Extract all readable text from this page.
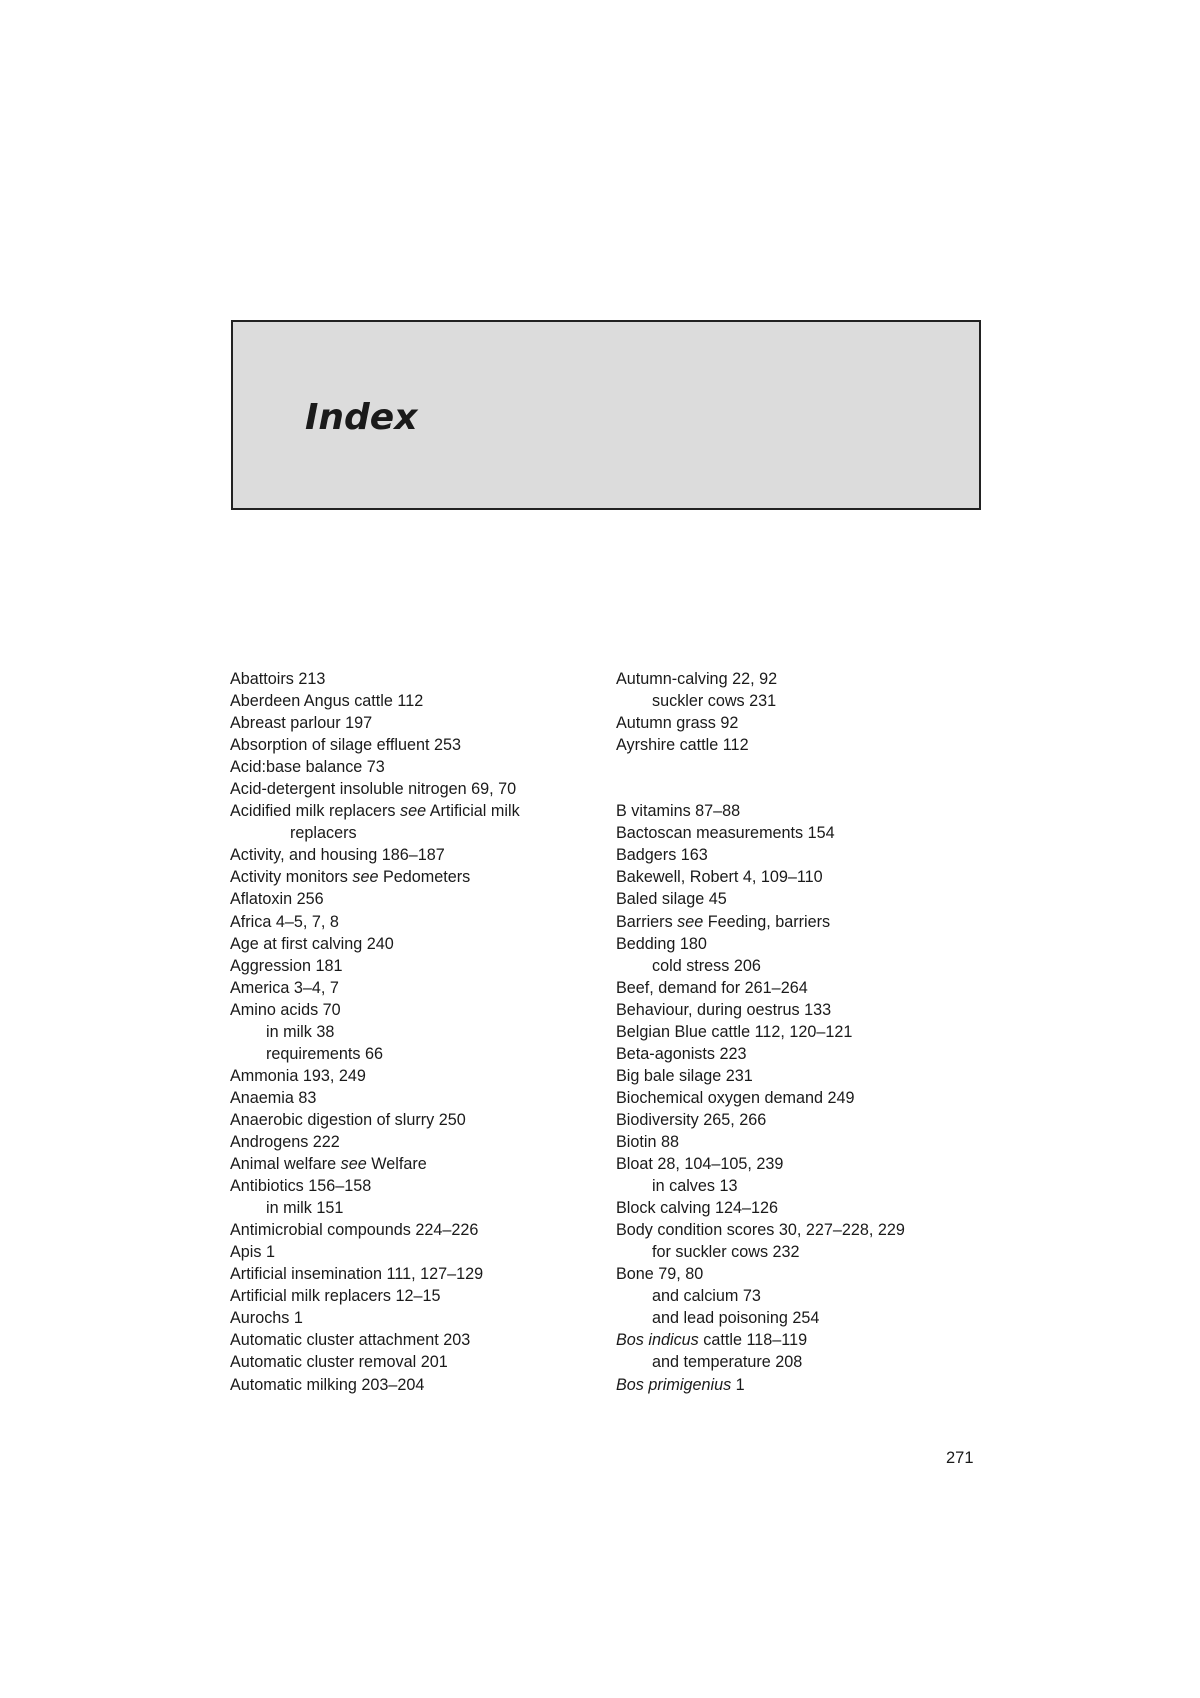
Index
Abattoirs 213
Aberdeen Angus cattle 112
Abreast parlour 197
Absorption of silage effluent 253
Acid:base balance 73
Acid-detergent insoluble nitrogen 69, 70
Acidified milk replacers see Artificial milk
replacers
Activity, and housing 186–187
Activity monitors see Pedometers
Aflatoxin 256
Africa 4–5, 7, 8
Age at first calving 240
Aggression 181
America 3–4, 7
Amino acids 70
in milk 38
requirements 66
Ammonia 193, 249
Anaemia 83
Anaerobic digestion of slurry 250
Androgens 222
Animal welfare see Welfare
Antibiotics 156–158
in milk 151
Antimicrobial compounds 224–226
Apis 1
Artificial insemination 111, 127–129
Artificial milk replacers 12–15
Aurochs 1
Automatic cluster attachment 203
Automatic cluster removal 201
Automatic milking 203–204
Autumn-calving 22, 92
suckler cows 231
Autumn grass 92
Ayrshire cattle 112
B vitamins 87–88
Bactoscan measurements 154
Badgers 163
Bakewell, Robert 4, 109–110
Baled silage 45
Barriers see Feeding, barriers
Bedding 180
cold stress 206
Beef, demand for 261–264
Behaviour, during oestrus 133
Belgian Blue cattle 112, 120–121
Beta-agonists 223
Big bale silage 231
Biochemical oxygen demand 249
Biodiversity 265, 266
Biotin 88
Bloat 28, 104–105, 239
in calves 13
Block calving 124–126
Body condition scores 30, 227–228, 229
for suckler cows 232
Bone 79, 80
and calcium 73
and lead poisoning 254
Bos indicus cattle 118–119
and temperature 208
Bos primigenius 1
271
